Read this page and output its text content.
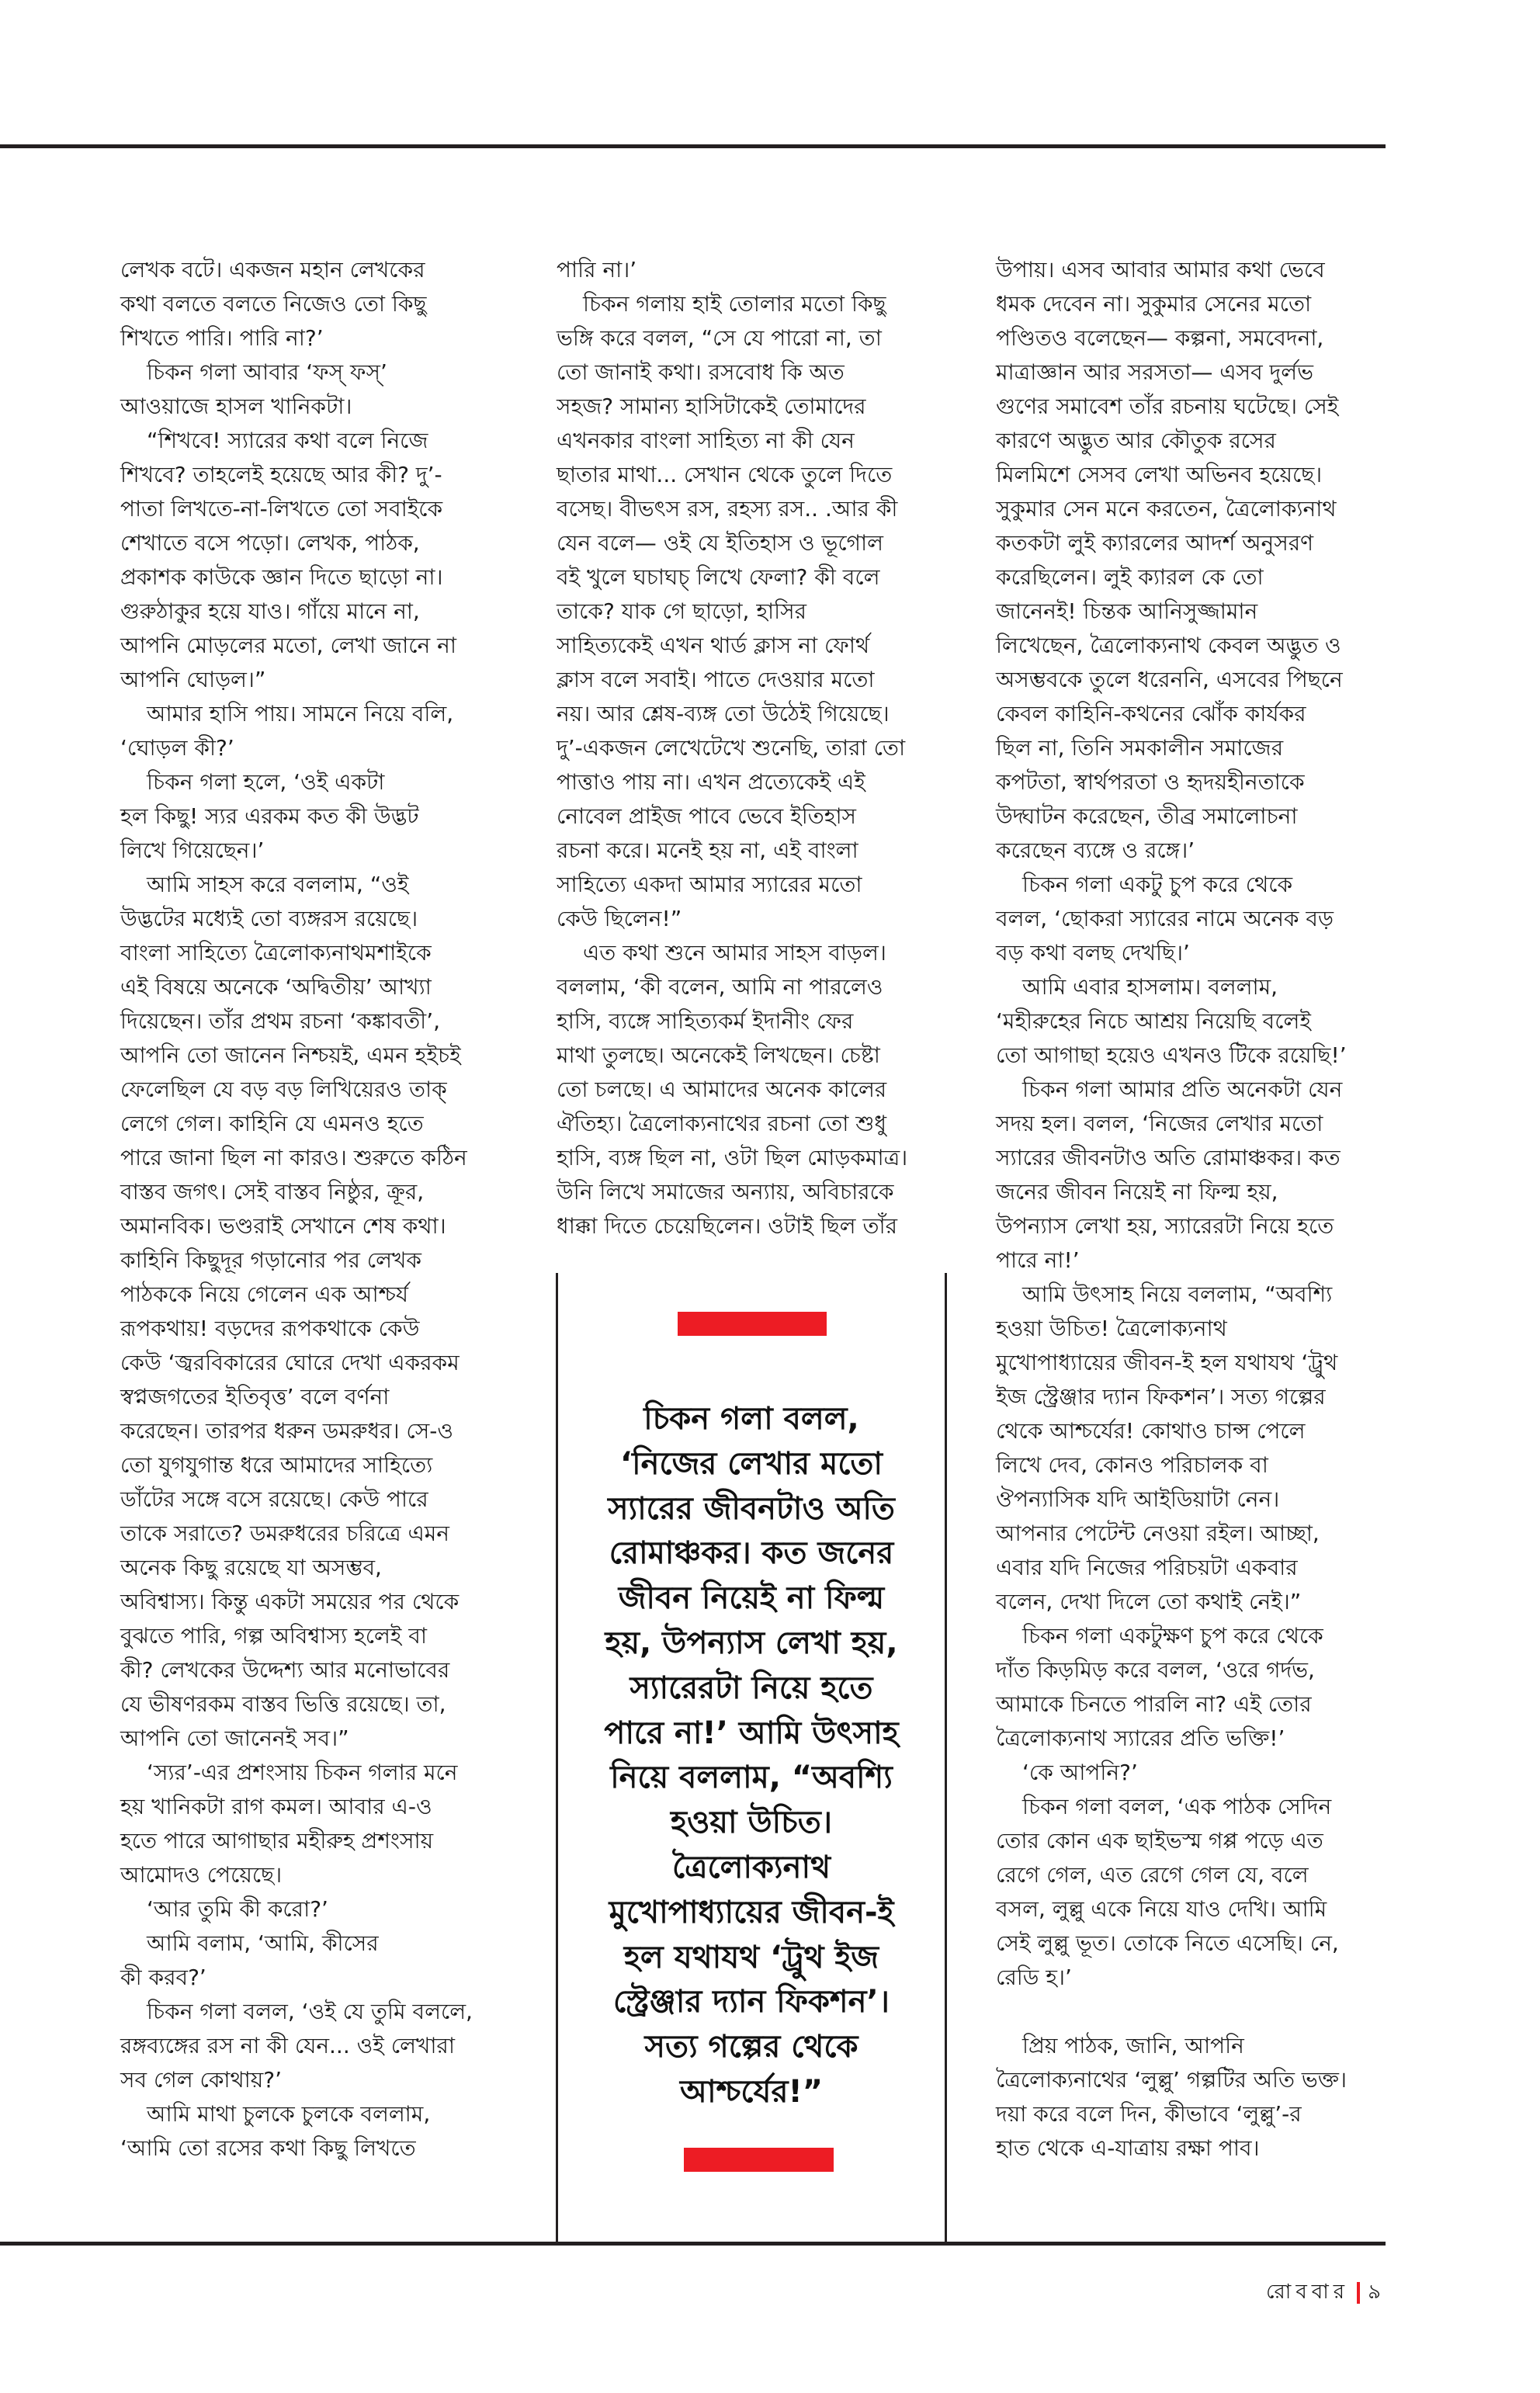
লেখক বটে। একজন মহান লেখকের
কথা বলতে বলতে নিজেও তো কিছু
শিখতে পারি। পারি না?’
চিকন গলা আবার ‘ফস্ ফস্’
আওয়াজে হাসল খানিকটা।
“শিখবে! স্যারের কথা বলে নিজে
শিখবে? তাহলেই হয়েছে আর কী? দু’-
পাতা লিখতে-না-লিখতে তো সবাইকে
শেখাতে বসে পড়ো। লেখক, পাঠক,
প্রকাশক কাউকে জ্ঞান দিতে ছাড়ো না।
গুরুঠাকুর হয়ে যাও। গাঁয়ে মানে না,
আপনি মোড়লের মতো, লেখা জানে না
আপনি ঘোড়ল।”
আমার হাসি পায়। সামনে নিয়ে বলি,
‘ঘোড়ল কী?’
চিকন গলা হলে, ‘ওই একটা
হল কিছু! স্যর এরকম কত কী উদ্ভট
লিখে গিয়েছেন।’
আমি সাহস করে বললাম, “ওই
উদ্ভটের মধ্যেই তো ব্যঙ্গরস রয়েছে।
বাংলা সাহিত্যে ত্রৈলোক্যনাথমশাইকে
এই বিষয়ে অনেকে ‘অদ্বিতীয়’ আখ্যা
দিয়েছেন। তাঁর প্রথম রচনা ‘কঙ্কাবতী’,
আপনি তো জানেন নিশ্চয়ই, এমন হইচই
ফেলেছিল যে বড় বড় লিখিয়েরও তাক্
লেগে গেল। কাহিনি যে এমনও হতে
পারে জানা ছিল না কারও। শুরুতে কঠিন
বাস্তব জগৎ। সেই বাস্তব নিষ্ঠুর, ক্রূর,
অমানবিক। ভণ্ডরাই সেখানে শেষ কথা।
কাহিনি কিছুদূর গড়ানোর পর লেখক
পাঠককে নিয়ে গেলেন এক আশ্চর্য
রূপকথায়! বড়দের রূপকথাকে কেউ
কেউ ‘জ্বরবিকারের ঘোরে দেখা একরকম
স্বপ্নজগতের ইতিবৃত্ত’ বলে বর্ণনা
করেছেন। তারপর ধরুন ডমরুধর। সে-ও
তো যুগযুগান্ত ধরে আমাদের সাহিত্যে
ডাঁটের সঙ্গে বসে রয়েছে। কেউ পারে
তাকে সরাতে? ডমরুধরের চরিত্রে এমন
অনেক কিছু রয়েছে যা অসম্ভব,
অবিশ্বাস্য। কিন্তু একটা সময়ের পর থেকে
বুঝতে পারি, গল্প অবিশ্বাস্য হলেই বা
কী? লেখকের উদ্দেশ্য আর মনোভাবের
যে ভীষণরকম বাস্তব ভিত্তি রয়েছে। তা,
আপনি তো জানেনই সব।”
‘স্যর’-এর প্রশংসায় চিকন গলার মনে
হয় খানিকটা রাগ কমল। আবার এ-ও
হতে পারে আগাছার মহীরুহ প্রশংসায়
আমোদও পেয়েছে।
‘আর তুমি কী করো?’
আমি বলাম, ‘আমি, কীসের
কী করব?’
চিকন গলা বলল, ‘ওই যে তুমি বললে,
রঙ্গব্যঙ্গের রস না কী যেন... ওই লেখারা
সব গেল কোথায়?’
আমি মাথা চুলকে চুলকে বললাম,
‘আমি তো রসের কথা কিছু লিখতে
পারি না।’
চিকন গলায় হাই তোলার মতো কিছু
ভঙ্গি করে বলল, “সে যে পারো না, তা
তো জানাই কথা। রসবোধ কি অত
সহজ? সামান্য হাসিটাকেই তোমাদের
এখনকার বাংলা সাহিত্য না কী যেন
ছাতার মাথা... সেখান থেকে তুলে দিতে
বসেছ। বীভৎস রস, রহস্য রস.. .আর কী
যেন বলে— ওই যে ইতিহাস ও ভূগোল
বই খুলে ঘচাঘচ্ লিখে ফেলা? কী বলে
তাকে? যাক গে ছাড়ো, হাসির
সাহিত্যকেই এখন থার্ড ক্লাস না ফোর্থ
ক্লাস বলে সবাই। পাতে দেওয়ার মতো
নয়। আর শ্লেষ-ব্যঙ্গ তো উঠেই গিয়েছে।
দু’-একজন লেখেটেখে শুনেছি, তারা তো
পাত্তাও পায় না। এখন প্রত্যেকেই এই
নোবেল প্রাইজ পাবে ভেবে ইতিহাস
রচনা করে। মনেই হয় না, এই বাংলা
সাহিত্যে একদা আমার স্যারের মতো
কেউ ছিলেন!”
এত কথা শুনে আমার সাহস বাড়ল।
বললাম, ‘কী বলেন, আমি না পারলেও
হাসি, ব্যঙ্গে সাহিত্যকর্ম ইদানীং ফের
মাথা তুলছে। অনেকেই লিখছেন। চেষ্টা
তো চলছে। এ আমাদের অনেক কালের
ঐতিহ্য। ত্রৈলোক্যনাথের রচনা তো শুধু
হাসি, ব্যঙ্গ ছিল না, ওটা ছিল মোড়কমাত্র।
উনি লিখে সমাজের অন্যায়, অবিচারকে
ধাক্কা দিতে চেয়েছিলেন। ওটাই ছিল তাঁর
উপায়। এসব আবার আমার কথা ভেবে
ধমক দেবেন না। সুকুমার সেনের মতো
পণ্ডিতও বলেছেন— কল্পনা, সমবেদনা,
মাত্রাজ্ঞান আর সরসতা— এসব দুর্লভ
গুণের সমাবেশ তাঁর রচনায় ঘটেছে। সেই
কারণে অদ্ভুত আর কৌতুক রসের
মিলমিশে সেসব লেখা অভিনব হয়েছে।
সুকুমার সেন মনে করতেন, ত্রৈলোক্যনাথ
কতকটা লুই ক্যারলের আদর্শ অনুসরণ
করেছিলেন। লুই ক্যারল কে তো
জানেনই! চিন্তক আনিসুজ্জামান
লিখেছেন, ত্রৈলোক্যনাথ কেবল অদ্ভুত ও
অসম্ভবকে তুলে ধরেননি, এসবের পিছনে
কেবল কাহিনি-কথনের ঝোঁক কার্যকর
ছিল না, তিনি সমকালীন সমাজের
কপটতা, স্বার্থপরতা ও হৃদয়হীনতাকে
উদ্ঘাটন করেছেন, তীব্র সমালোচনা
করেছেন ব্যঙ্গে ও রঙ্গে।’
চিকন গলা একটু চুপ করে থেকে
বলল, ‘ছোকরা স্যারের নামে অনেক বড়
বড় কথা বলছ দেখছি।’
আমি এবার হাসলাম। বললাম,
‘মহীরুহের নিচে আশ্রয় নিয়েছি বলেই
তো আগাছা হয়েও এখনও টিকে রয়েছি!’
চিকন গলা আমার প্রতি অনেকটা যেন
সদয় হল। বলল, ‘নিজের লেখার মতো
স্যারের জীবনটাও অতি রোমাঞ্চকর। কত
জনের জীবন নিয়েই না ফিল্ম হয়,
উপন্যাস লেখা হয়, স্যারেরটা নিয়ে হতে
পারে না!’
আমি উৎসাহ নিয়ে বললাম, “অবশ্যি
হওয়া উচিত! ত্রৈলোক্যনাথ
মুখোপাধ্যায়ের জীবন-ই হল যথাযথ ‘ট্রুথ
ইজ স্ট্রেঞ্জার দ্যান ফিকশন’। সত্য গল্পের
থেকে আশ্চর্যের! কোথাও চান্স পেলে
লিখে দেব, কোনও পরিচালক বা
ঔপন্যাসিক যদি আইডিয়াটা নেন।
আপনার পেটেন্ট নেওয়া রইল। আচ্ছা,
এবার যদি নিজের পরিচয়টা একবার
বলেন, দেখা দিলে তো কথাই নেই।”
চিকন গলা একটুক্ষণ চুপ করে থেকে
দাঁত কিড়মিড় করে বলল, ‘ওরে গর্দভ,
আমাকে চিনতে পারলি না? এই তোর
ত্রৈলোক্যনাথ স্যারের প্রতি ভক্তি!’
‘কে আপনি?’
চিকন গলা বলল, ‘এক পাঠক সেদিন
তোর কোন এক ছাইভস্ম গপ্প পড়ে এত
রেগে গেল, এত রেগে গেল যে, বলে
বসল, লুল্লু একে নিয়ে যাও দেখি। আমি
সেই লুল্লু ভূত। তোকে নিতে এসেছি। নে,
রেডি হ।’
প্রিয় পাঠক, জানি, আপনি
ত্রৈলোক্যনাথের ‘লুল্লু’ গল্পটির অতি ভক্ত।
দয়া করে বলে দিন, কীভাবে ‘লুল্লু’-র
হাত থেকে এ-যাত্রায় রক্ষা পাব।
চিকন গলা বলল,
‘নিজের লেখার মতো
স্যারের জীবনটাও অতি
রোমাঞ্চকর। কত জনের
জীবন নিয়েই না ফিল্ম
হয়, উপন্যাস লেখা হয়,
স্যারেরটা নিয়ে হতে
পারে না!’ আমি উৎসাহ
নিয়ে বললাম, “অবশ্যি
হওয়া উচিত।
ত্রৈলোক্যনাথ
মুখোপাধ্যায়ের জীবন-ই
হল যথাযথ ‘ট্রুথ ইজ
স্ট্রেঞ্জার দ্যান ফিকশন’।
সত্য গল্পের থেকে
আশ্চর্যের!”
রোববার ৯
